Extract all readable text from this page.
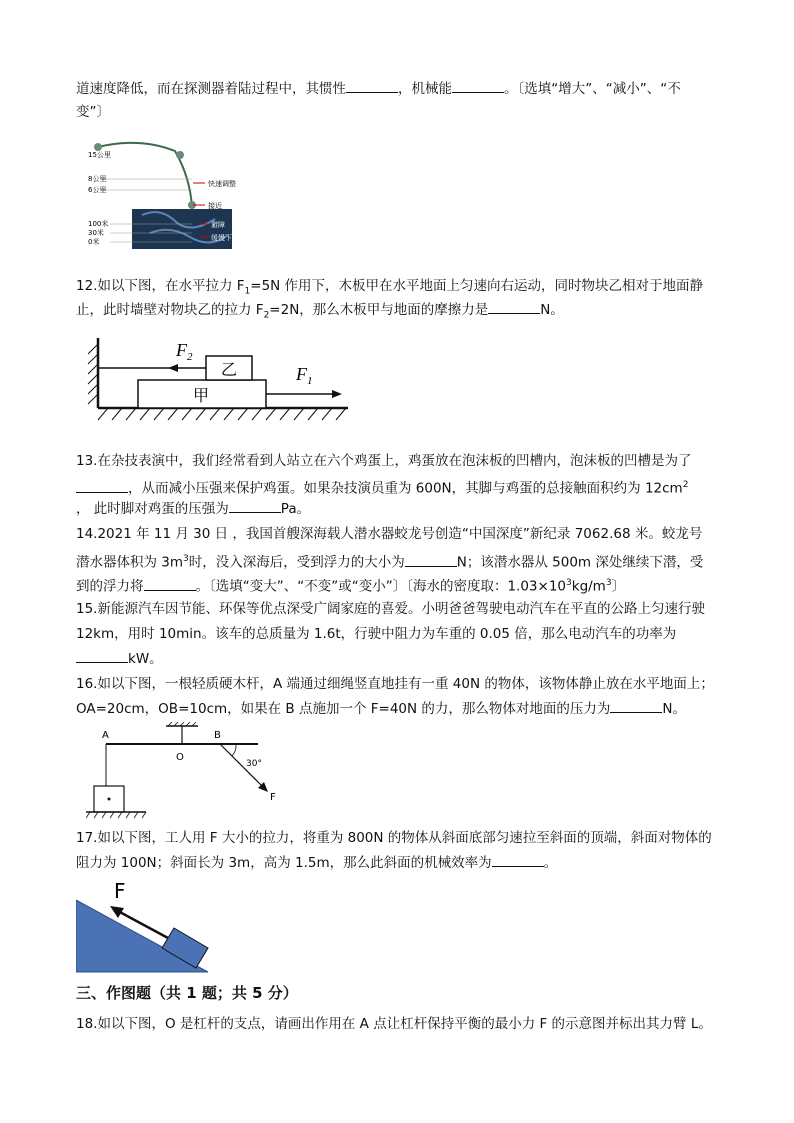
道速度降低，而在探测器着陆过程中，其惯性	，机械能	。〔选填“增大”、“减小”、“不
变”〕
15公里
8公里
6公里
100米
30米
0米
快速调整
接近
避障
缓慢下降
12.如以下图，在水平拉力 $F_1=5N$ 作用下，木板甲在水平地面上匀速向右运动，同时物块乙相对于地面静
止，此时墙壁对物块乙的拉力 $F_2=2N$，那么木板甲与地面的摩擦力是	N。
乙
甲
$F_2$
$F_1$
13.在杂技表演中，我们经常看到人站立在六个鸡蛋上，鸡蛋放在泡沫板的凹槽内，泡沫板的凹槽是为了
，从而减小压强来保护鸡蛋。如果杂技演员重为 600N，其脚与鸡蛋的总接触面积约为 $12cm^2$
， 此时脚对鸡蛋的压强为	Pa。
14.2021 年 11 月 30 日 ，我国首艘深海载人潜水器蛟龙号创造“中国深度”新纪录 7062.68 米。蛟龙号
潜水器体积为 $3m^3$时，没入深海后，受到浮力的大小为	N；该潜水器从 500m 深处继续下潜，受
到的浮力将	。〔选填“变大”、“不变”或“变小”〕〔海水的密度取：$1.03\times 10^3kg/m^3$〕
15.新能源汽车因节能、环保等优点深受广阔家庭的喜爱。小明爸爸驾驶电动汽车在平直的公路上匀速行驶
12km，用时 10min。该车的总质量为 1.6t，行驶中阻力为车重的 0.05 倍，那么电动汽车的功率为
kW。
16.如以下图，一根轻质硬木杆，A 端通过细绳竖直地挂有一重 40N 的物体，该物体静止放在水平地面上；
OA=20cm，OB=10cm，如果在 B 点施加一个 F=40N 的力，那么物体对地面的压力为	N。
A
O
B
30°
F
17.如以下图，工人用 F 大小的拉力，将重为 800N 的物体从斜面底部匀速拉至斜面的顶端，斜面对物体的
阻力为 100N；斜面长为 3m，高为 1.5m，那么此斜面的机械效率为	。
F
三、作图题（共 1 题；共 5 分）
18.如以下图，O 是杠杆的支点，请画出作用在 A 点让杠杆保持平衡的最小力 F 的示意图并标出其力臂 L。
